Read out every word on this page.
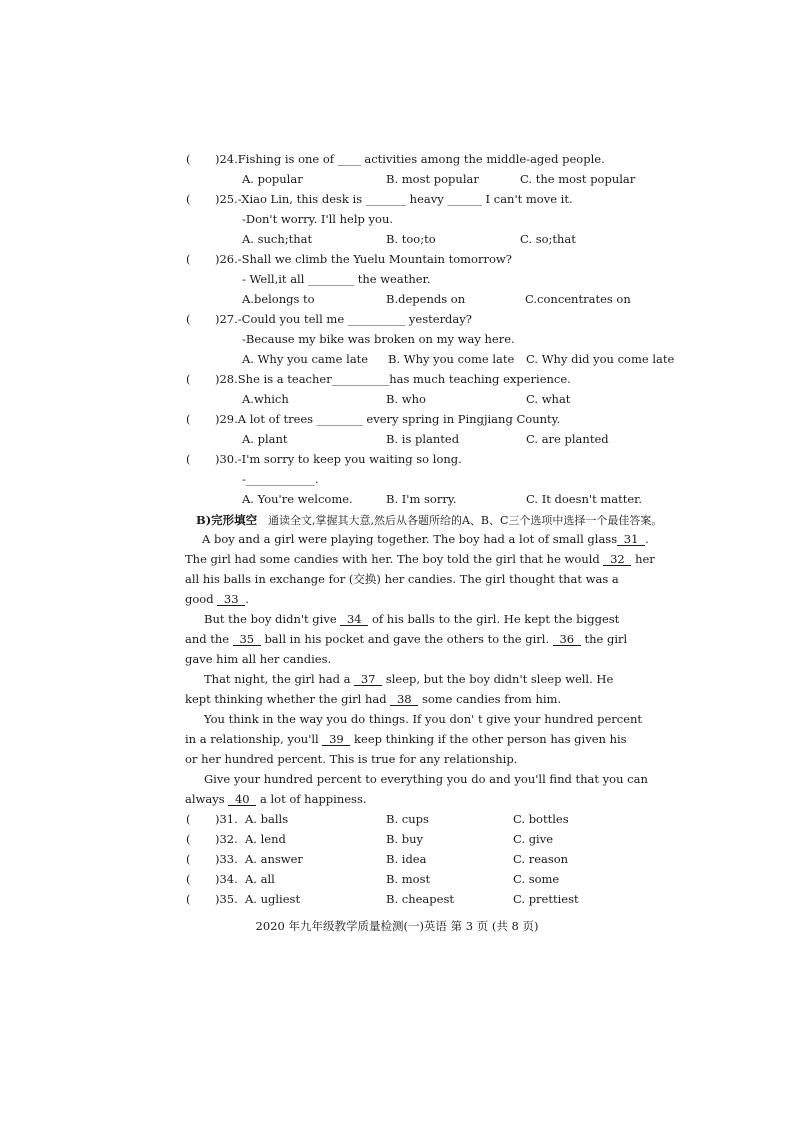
( )24.Fishing is one of ____ activities among the middle-aged people.
A. popular	B. most popular	C. the most popular
( )25.-Xiao Lin, this desk is _______ heavy ______ I can't move it.
-Don't worry. I'll help you.
A. such;that	B. too;to	C. so;that
( )26.-Shall we climb the Yuelu Mountain tomorrow?
- Well,it all ________ the weather.
A.belongs to	B.depends on	C.concentrates on
( )27.-Could you tell me __________ yesterday?
-Because my bike was broken on my way here.
A. Why you came late B. Why you come late C. Why did you come late
( )28.She is a teacher__________has much teaching experience.
A.which	B. who	C. what
( )29.A lot of trees ________ every spring in Pingjiang County.
A. plant	B. is planted	C. are planted
( )30.-I'm sorry to keep you waiting so long.
-____________.
A. You're welcome.	B. I'm sorry.	C. It doesn't matter.
B)完形填空 通读全文,掌握其大意,然后从各题所给的A、B、C三个选项中选择一个最佳答案。
A boy and a girl were playing together. The boy had a lot of small glass 31 .
The girl had some candies with her. The boy told the girl that he would 32 her
all his balls in exchange for (交换) her candies. The girl thought that was a
good 33 .
But the boy didn't give 34 of his balls to the girl. He kept the biggest
and the 35 ball in his pocket and gave the others to the girl. 36 the girl
gave him all her candies.
That night, the girl had a 37 sleep, but the boy didn't sleep well. He
kept thinking whether the girl had 38 some candies from him.
You think in the way you do things. If you don' t give your hundred percent
in a relationship, you'll 39 keep thinking if the other person has given his
or her hundred percent. This is true for any relationship.
Give your hundred percent to everything you do and you'll find that you can
always 40 a lot of happiness.
( )31. A. balls	B. cups	C. bottles
( )32. A. lend	B. buy	C. give
( )33. A. answer	B. idea	C. reason
( )34. A. all	B. most	C. some
( )35. A. ugliest	B. cheapest	C. prettiest
2020 年九年级教学质量检测(一)英语 第 3 页 (共 8 页)
